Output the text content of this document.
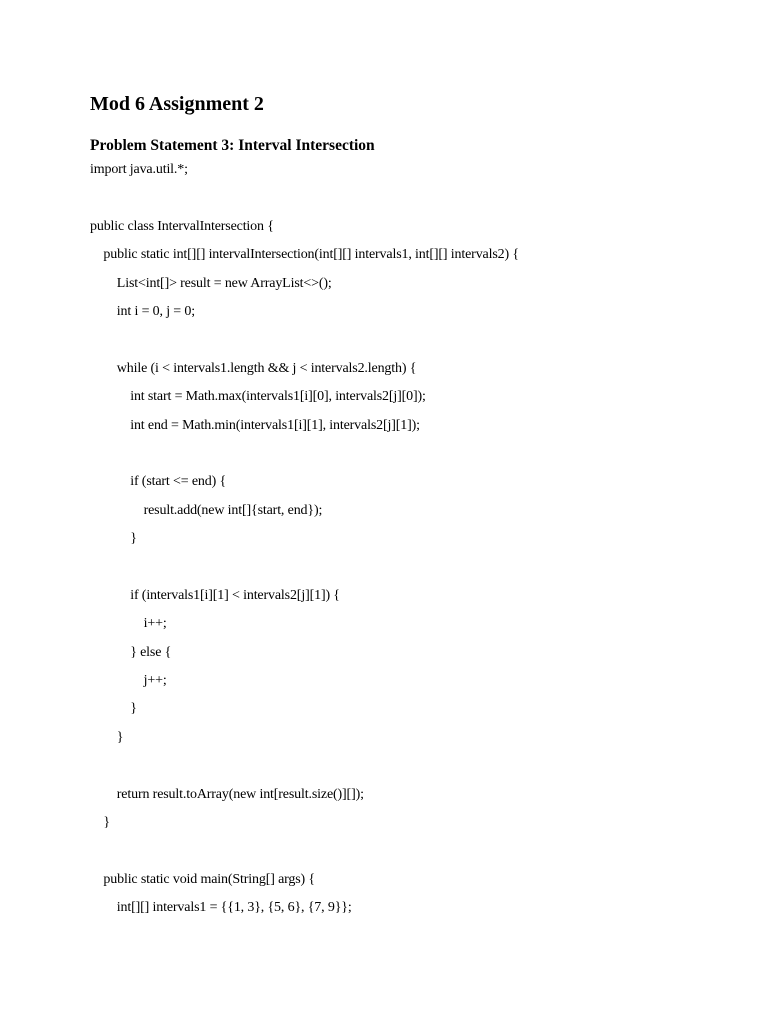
Mod 6 Assignment 2
Problem Statement 3: Interval Intersection
import java.util.*;
public class IntervalIntersection {
public static int[][] intervalIntersection(int[][] intervals1, int[][] intervals2) {
List<int[]> result = new ArrayList<>();
int i = 0, j = 0;
while (i < intervals1.length && j < intervals2.length) {
int start = Math.max(intervals1[i][0], intervals2[j][0]);
int end = Math.min(intervals1[i][1], intervals2[j][1]);
if (start <= end) {
result.add(new int[]{start, end});
}
if (intervals1[i][1] < intervals2[j][1]) {
i++;
} else {
j++;
}
}
return result.toArray(new int[result.size()][]);
}
public static void main(String[] args) {
int[][] intervals1 = {{1, 3}, {5, 6}, {7, 9}};
